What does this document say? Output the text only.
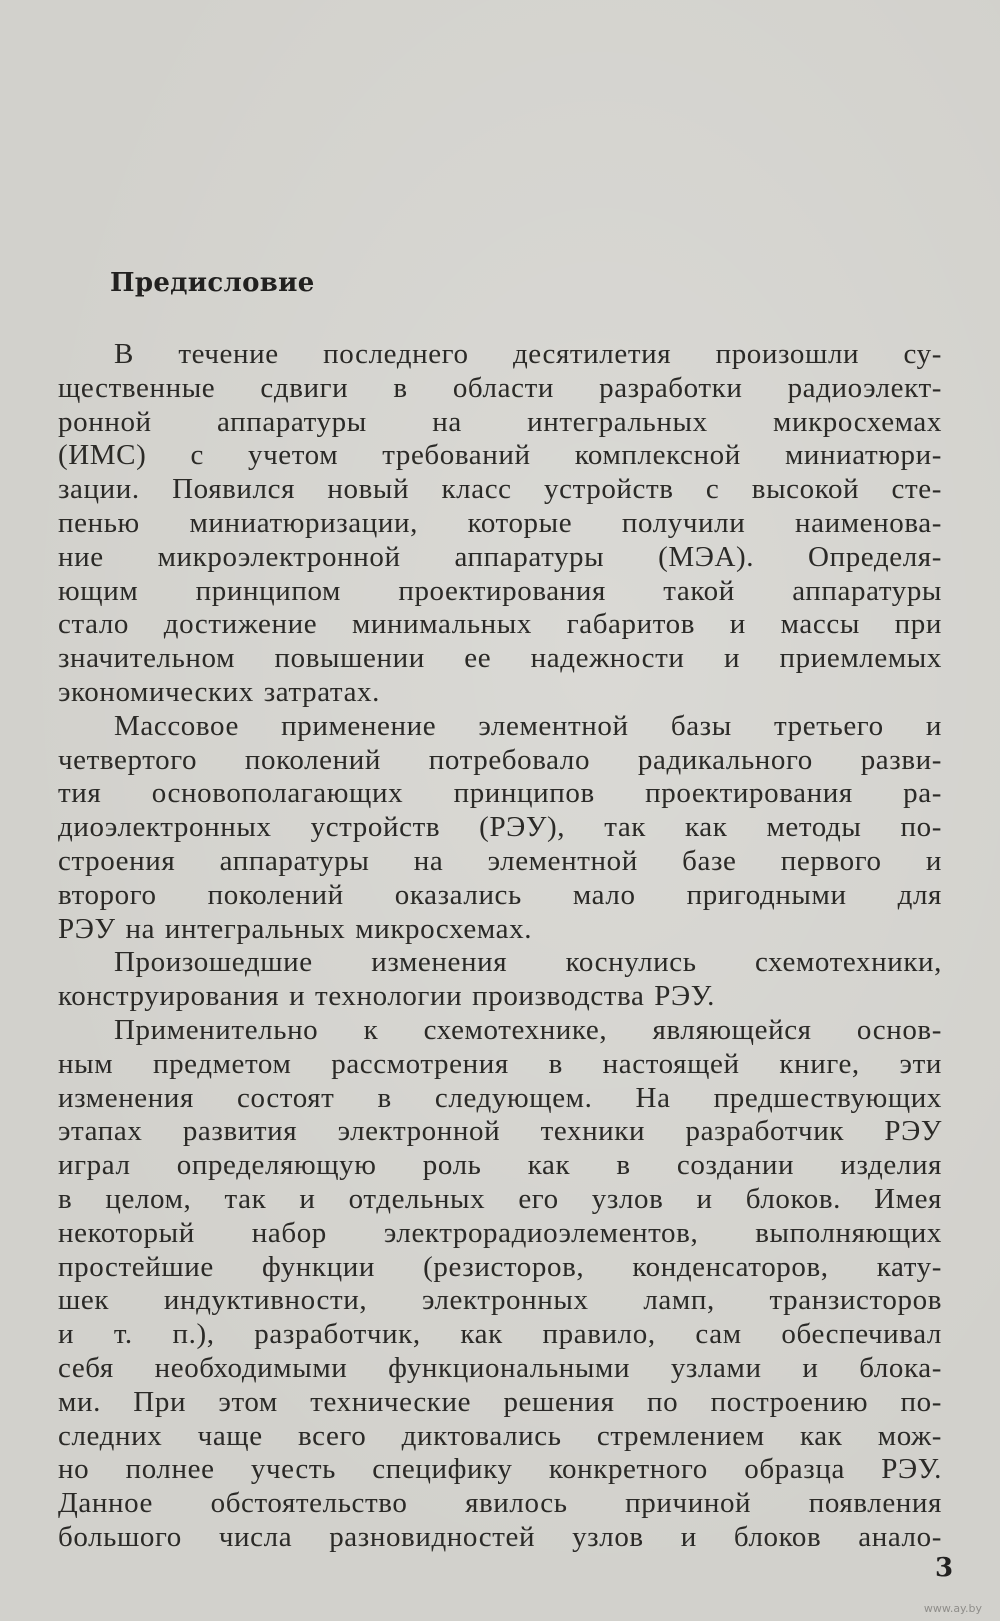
Предисловие
В течение последнего десятилетия произошли су-
щественные сдвиги в области разработки радиоэлект-
ронной аппаратуры на интегральных микросхемах
(ИМС) с учетом требований комплексной миниатюри-
зации. Появился новый класс устройств с высокой сте-
пенью миниатюризации, которые получили наименова-
ние микроэлектронной аппаратуры (МЭА). Определя-
ющим принципом проектирования такой аппаратуры
стало достижение минимальных габаритов и массы при
значительном повышении ее надежности и приемлемых
экономических затратах.
Массовое применение элементной базы третьего и
четвертого поколений потребовало радикального разви-
тия основополагающих принципов проектирования ра-
диоэлектронных устройств (РЭУ), так как методы по-
строения аппаратуры на элементной базе первого и
второго поколений оказались мало пригодными для
РЭУ на интегральных микросхемах.
Произошедшие изменения коснулись схемотехники,
конструирования и технологии производства РЭУ.
Применительно к схемотехнике, являющейся основ-
ным предметом рассмотрения в настоящей книге, эти
изменения состоят в следующем. На предшествующих
этапах развития электронной техники разработчик РЭУ
играл определяющую роль как в создании изделия
в целом, так и отдельных его узлов и блоков. Имея
некоторый набор электрорадиоэлементов, выполняющих
простейшие функции (резисторов, конденсаторов, кату-
шек индуктивности, электронных ламп, транзисторов
и т. п.), разработчик, как правило, сам обеспечивал
себя необходимыми функциональными узлами и блока-
ми. При этом технические решения по построению по-
следних чаще всего диктовались стремлением как мож-
но полнее учесть специфику конкретного образца РЭУ.
Данное обстоятельство явилось причиной появления
большого числа разновидностей узлов и блоков анало-
3
www.ay.by
